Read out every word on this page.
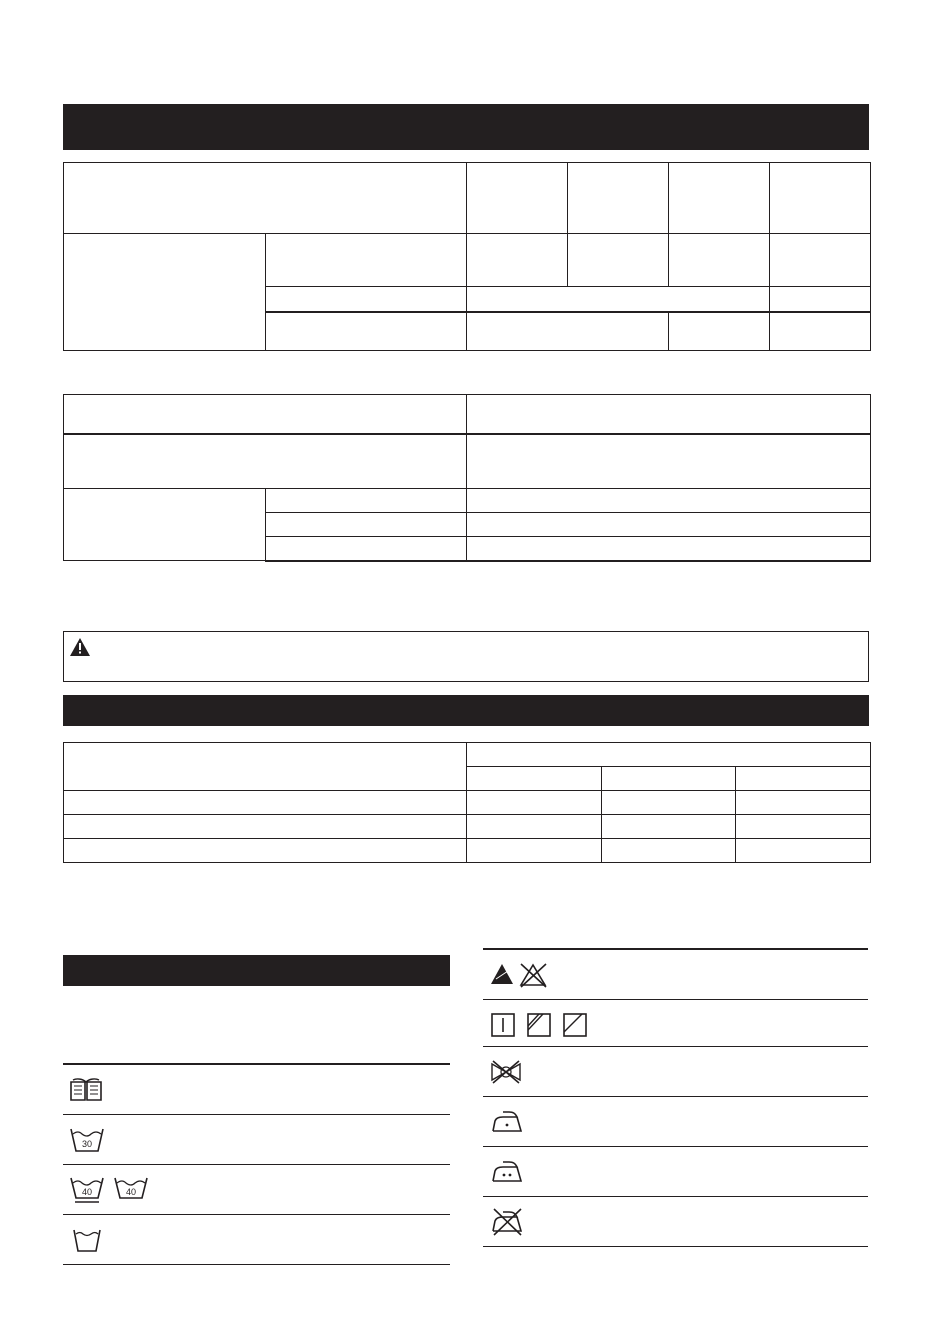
30
40	40
